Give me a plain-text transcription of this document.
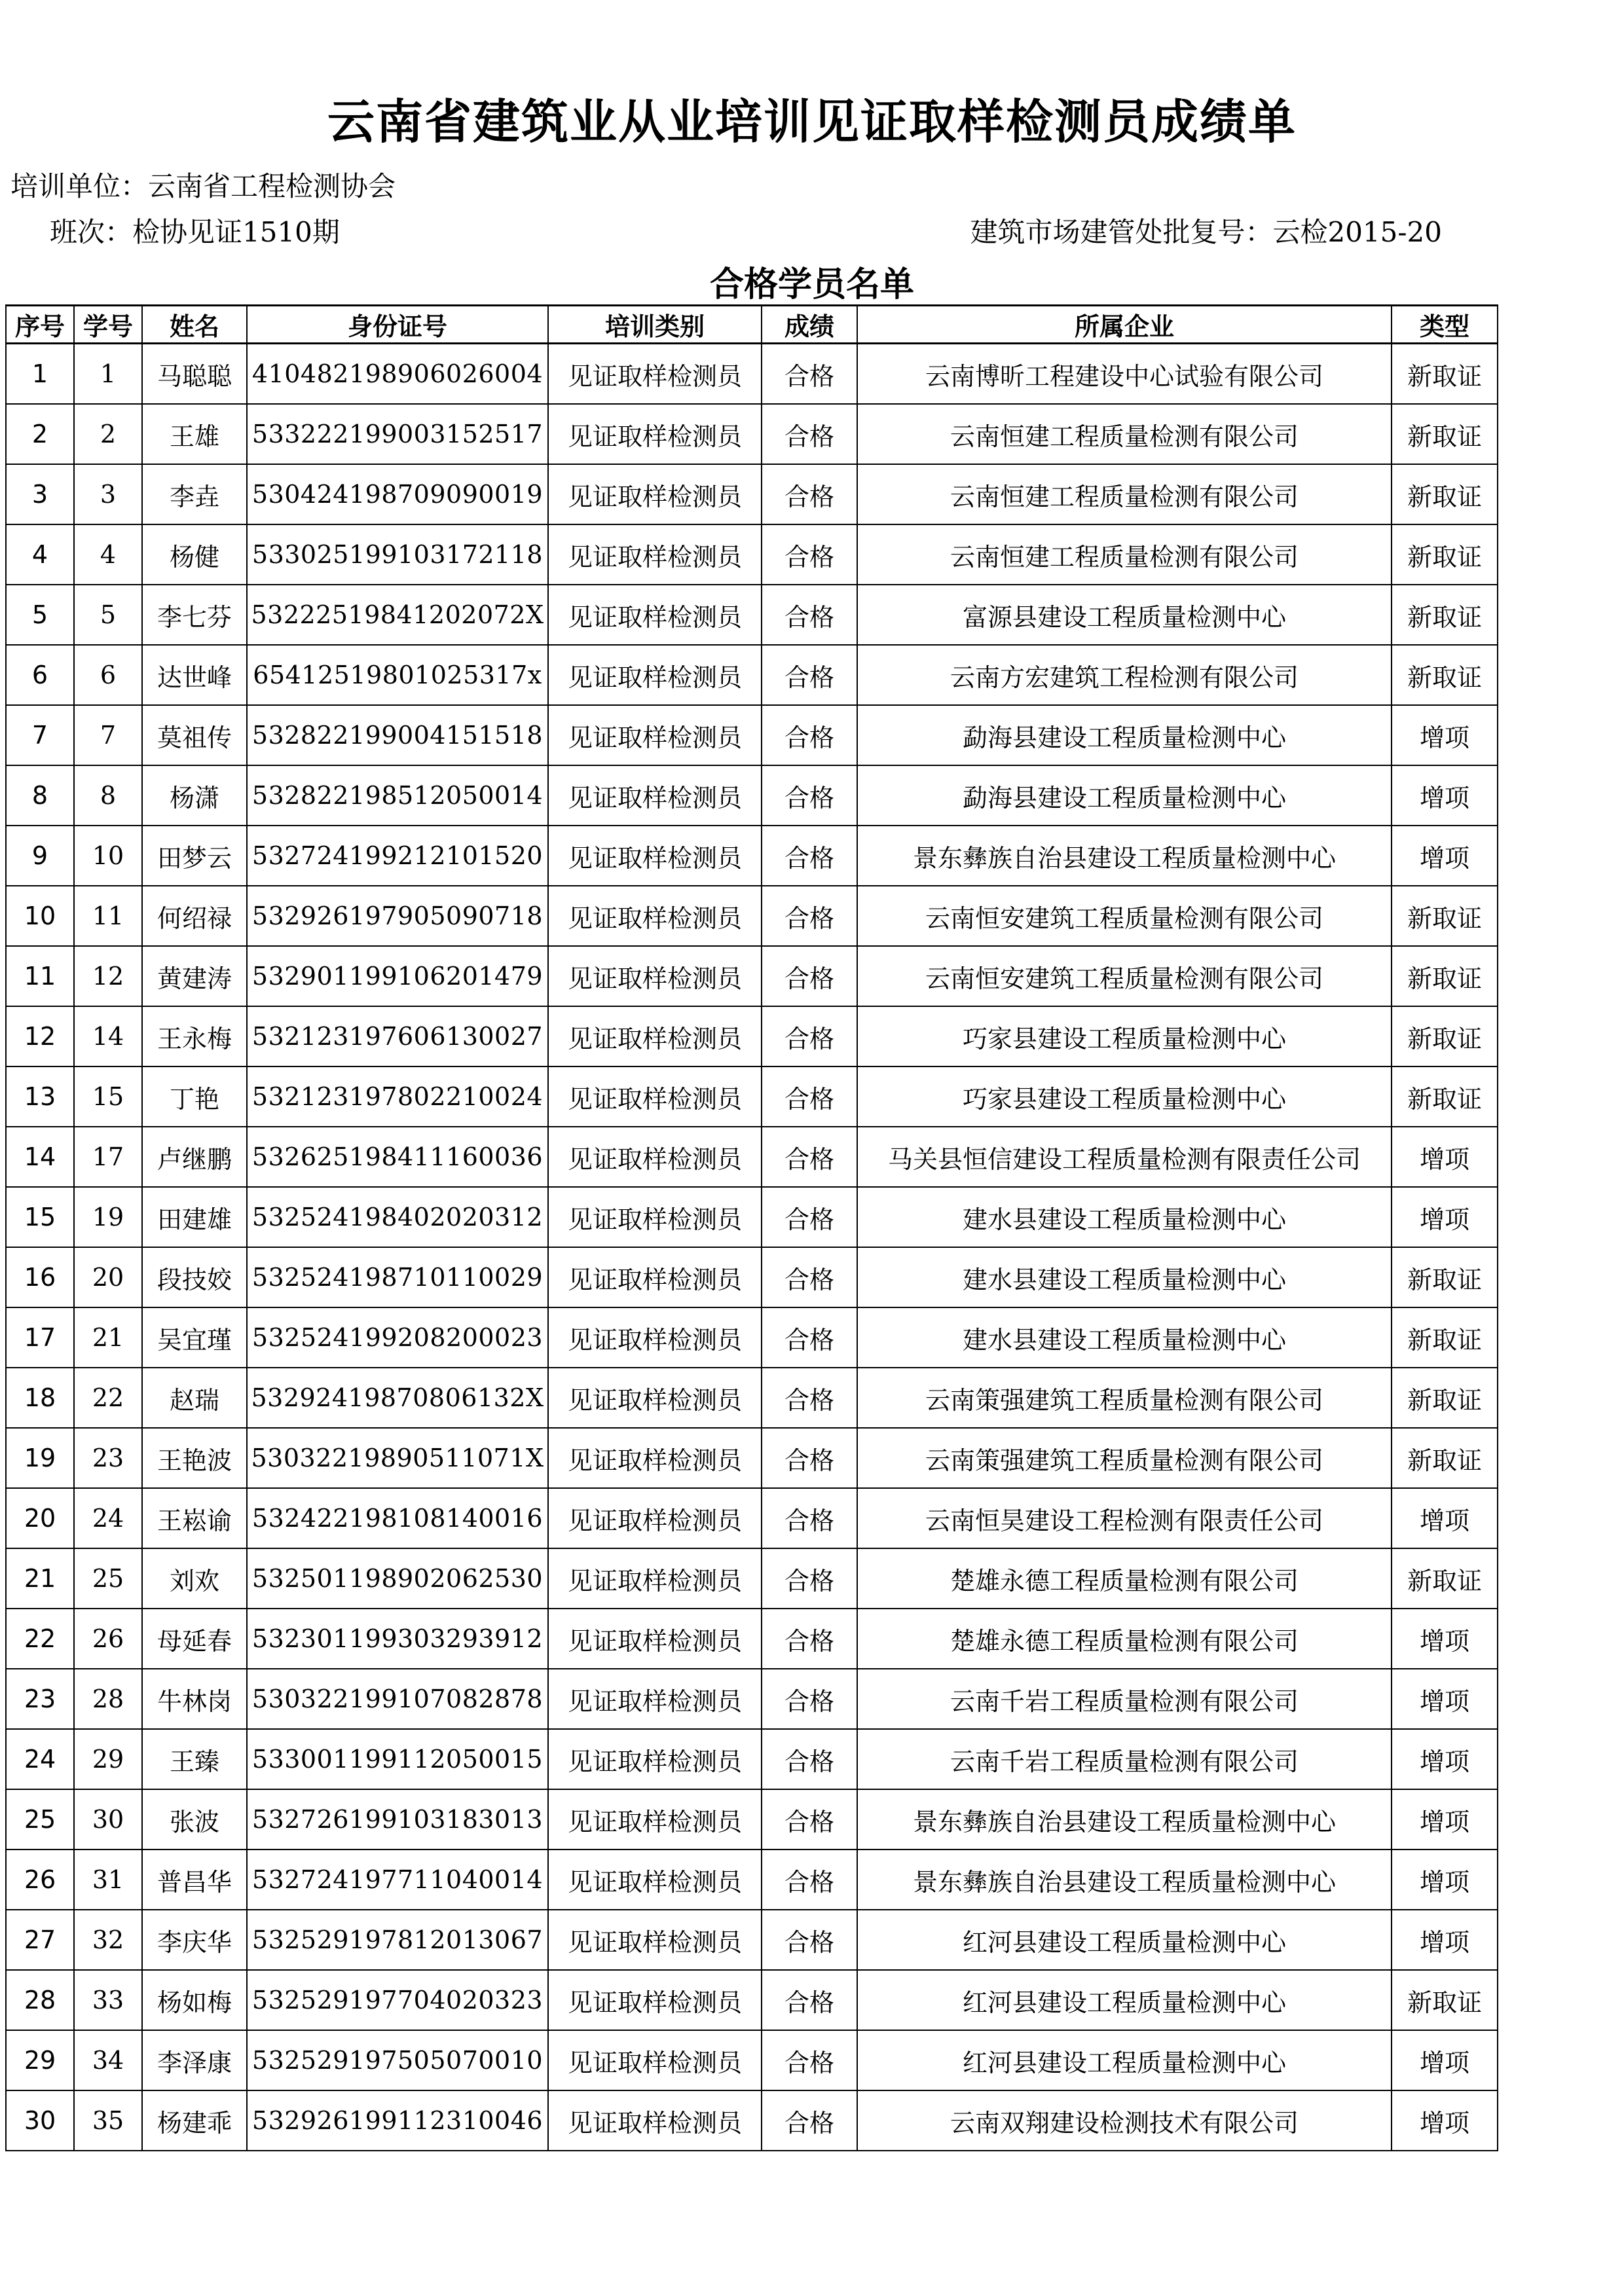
云南省建筑业从业培训见证取样检测员成绩单
培训单位：云南省工程检测协会
班次：检协见证1510期	建筑市场建管处批复号：云检2015-20
合格学员名单
序号	学号	姓名	身份证号	培训类别	成绩	所属企业	类型
1	1	马聪聪	410482198906026004	见证取样检测员	合格	云南博昕工程建设中心试验有限公司	新取证
2	2	王雄	533222199003152517	见证取样检测员	合格	云南恒建工程质量检测有限公司	新取证
3	3	李垚	530424198709090019	见证取样检测员	合格	云南恒建工程质量检测有限公司	新取证
4	4	杨健	533025199103172118	见证取样检测员	合格	云南恒建工程质量检测有限公司	新取证
5	5	李七芬	53222519841202072X	见证取样检测员	合格	富源县建设工程质量检测中心	新取证
6	6	达世峰	65412519801025317x	见证取样检测员	合格	云南方宏建筑工程检测有限公司	新取证
7	7	莫祖传	532822199004151518	见证取样检测员	合格	勐海县建设工程质量检测中心	增项
8	8	杨潇	532822198512050014	见证取样检测员	合格	勐海县建设工程质量检测中心	增项
9	10	田梦云	532724199212101520	见证取样检测员	合格	景东彝族自治县建设工程质量检测中心	增项
10	11	何绍禄	532926197905090718	见证取样检测员	合格	云南恒安建筑工程质量检测有限公司	新取证
11	12	黄建涛	532901199106201479	见证取样检测员	合格	云南恒安建筑工程质量检测有限公司	新取证
12	14	王永梅	532123197606130027	见证取样检测员	合格	巧家县建设工程质量检测中心	新取证
13	15	丁艳	532123197802210024	见证取样检测员	合格	巧家县建设工程质量检测中心	新取证
14	17	卢继鹏	532625198411160036	见证取样检测员	合格	马关县恒信建设工程质量检测有限责任公司	增项
15	19	田建雄	532524198402020312	见证取样检测员	合格	建水县建设工程质量检测中心	增项
16	20	段技姣	532524198710110029	见证取样检测员	合格	建水县建设工程质量检测中心	新取证
17	21	吴宜瑾	532524199208200023	见证取样检测员	合格	建水县建设工程质量检测中心	新取证
18	22	赵瑞	53292419870806132X	见证取样检测员	合格	云南策强建筑工程质量检测有限公司	新取证
19	23	王艳波	53032219890511071X	见证取样检测员	合格	云南策强建筑工程质量检测有限公司	新取证
20	24	王崧谕	532422198108140016	见证取样检测员	合格	云南恒昊建设工程检测有限责任公司	增项
21	25	刘欢	532501198902062530	见证取样检测员	合格	楚雄永德工程质量检测有限公司	新取证
22	26	母延春	532301199303293912	见证取样检测员	合格	楚雄永德工程质量检测有限公司	增项
23	28	牛林岗	530322199107082878	见证取样检测员	合格	云南千岩工程质量检测有限公司	增项
24	29	王臻	533001199112050015	见证取样检测员	合格	云南千岩工程质量检测有限公司	增项
25	30	张波	532726199103183013	见证取样检测员	合格	景东彝族自治县建设工程质量检测中心	增项
26	31	普昌华	532724197711040014	见证取样检测员	合格	景东彝族自治县建设工程质量检测中心	增项
27	32	李庆华	532529197812013067	见证取样检测员	合格	红河县建设工程质量检测中心	增项
28	33	杨如梅	532529197704020323	见证取样检测员	合格	红河县建设工程质量检测中心	新取证
29	34	李泽康	532529197505070010	见证取样检测员	合格	红河县建设工程质量检测中心	增项
30	35	杨建乖	532926199112310046	见证取样检测员	合格	云南双翔建设检测技术有限公司	增项
